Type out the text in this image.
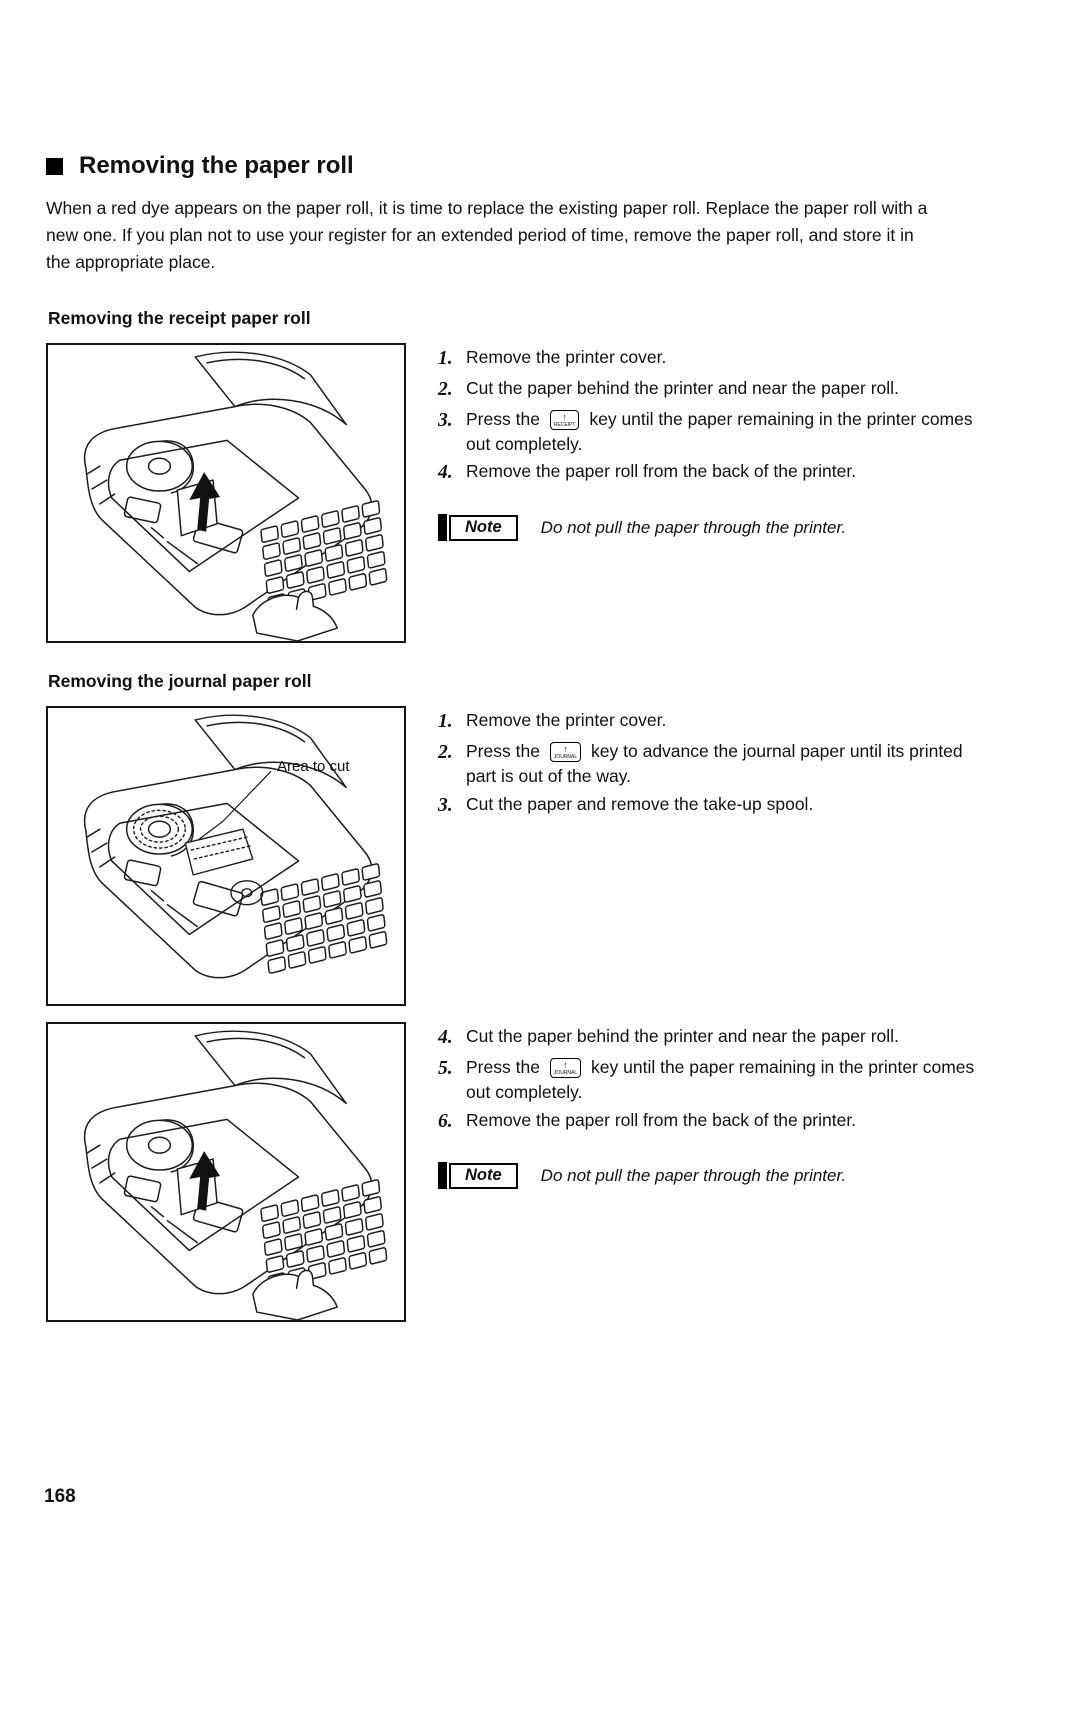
Removing the paper roll

When a red dye appears on the paper roll, it is time to replace the existing paper roll. Replace the paper roll with a new one. If you plan not to use your register for an extended period of time, remove the paper roll, and store it in the appropriate place.

Removing the receipt paper roll
1. Remove the printer cover.
2. Cut the paper behind the printer and near the paper roll.
3. Press the ↑
RECEIPT key until the paper remaining in the printer comes out completely.
4. Remove the paper roll from the back of the printer.
Note	Do not pull the paper through the printer.
Removing the journal paper roll
Area to cut
1. Remove the printer cover.
2. Press the	↑
JOURNAL key to advance the journal paper until its printed part is out of the way.
3. Cut the paper and remove the take-up spool.
4. Cut the paper behind the printer and near the paper roll.
5. Press the	↑
JOURNAL key until the paper remaining in the printer comes out completely.
6. Remove the paper roll from the back of the printer.
Note	Do not pull the paper through the printer.
168
